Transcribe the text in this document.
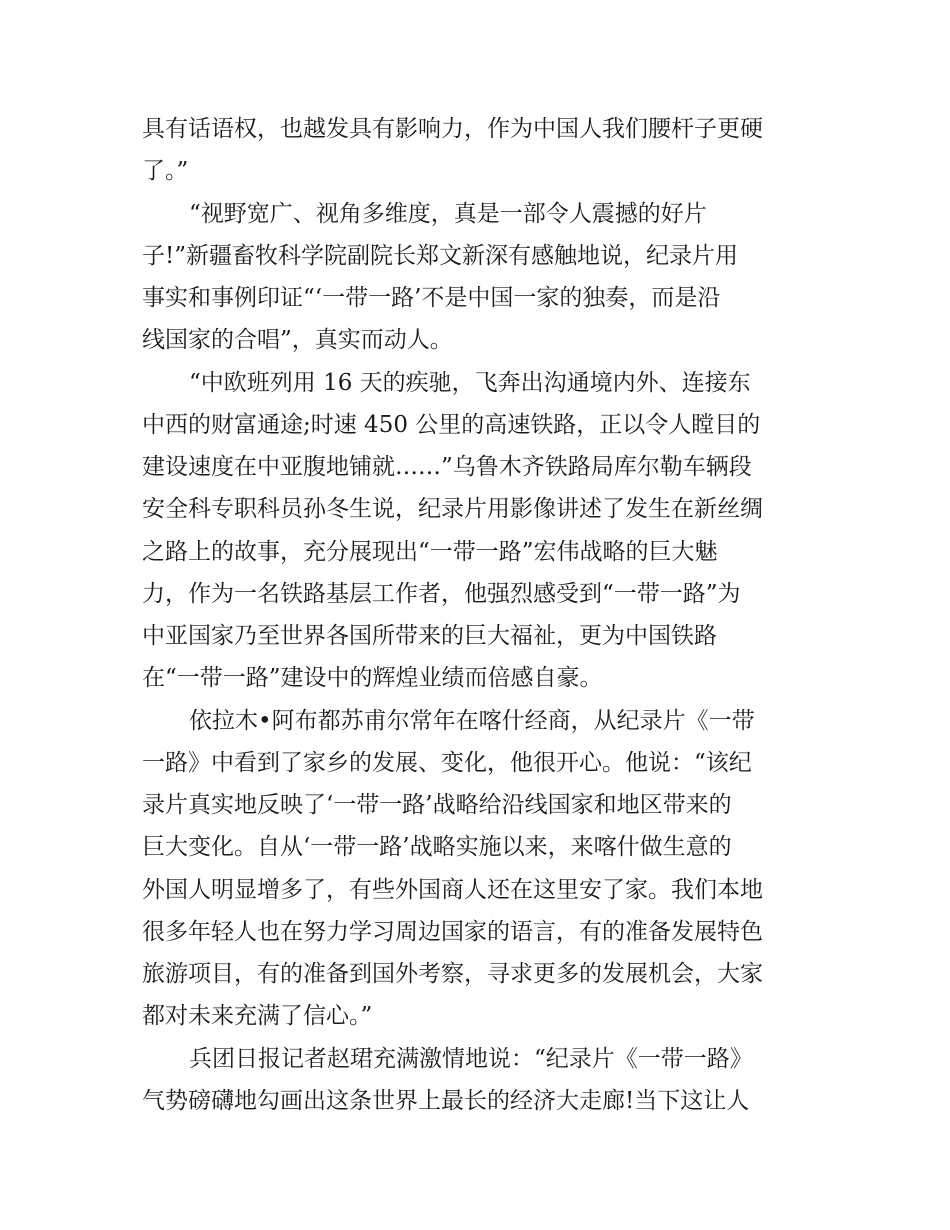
具有话语权，也越发具有影响力，作为中国人我们腰杆子更硬
了。”
“视野宽广、视角多维度，真是一部令人震撼的好片
子!”新疆畜牧科学院副院长郑文新深有感触地说，纪录片用
事实和事例印证“‘一带一路’不是中国一家的独奏，而是沿
线国家的合唱”，真实而动人。
“中欧班列用 16 天的疾驰，飞奔出沟通境内外、连接东
中西的财富通途;时速 450 公里的高速铁路，正以令人瞠目的
建设速度在中亚腹地铺就……”乌鲁木齐铁路局库尔勒车辆段
安全科专职科员孙冬生说，纪录片用影像讲述了发生在新丝绸
之路上的故事，充分展现出“一带一路”宏伟战略的巨大魅
力，作为一名铁路基层工作者，他强烈感受到“一带一路”为
中亚国家乃至世界各国所带来的巨大福祉，更为中国铁路
在“一带一路”建设中的辉煌业绩而倍感自豪。
依拉木•阿布都苏甫尔常年在喀什经商，从纪录片《一带
一路》中看到了家乡的发展、变化，他很开心。他说：“该纪
录片真实地反映了‘一带一路’战略给沿线国家和地区带来的
巨大变化。自从‘一带一路’战略实施以来，来喀什做生意的
外国人明显增多了，有些外国商人还在这里安了家。我们本地
很多年轻人也在努力学习周边国家的语言，有的准备发展特色
旅游项目，有的准备到国外考察，寻求更多的发展机会，大家
都对未来充满了信心。”
兵团日报记者赵珺充满激情地说：“纪录片《一带一路》
气势磅礴地勾画出这条世界上最长的经济大走廊!当下这让人
